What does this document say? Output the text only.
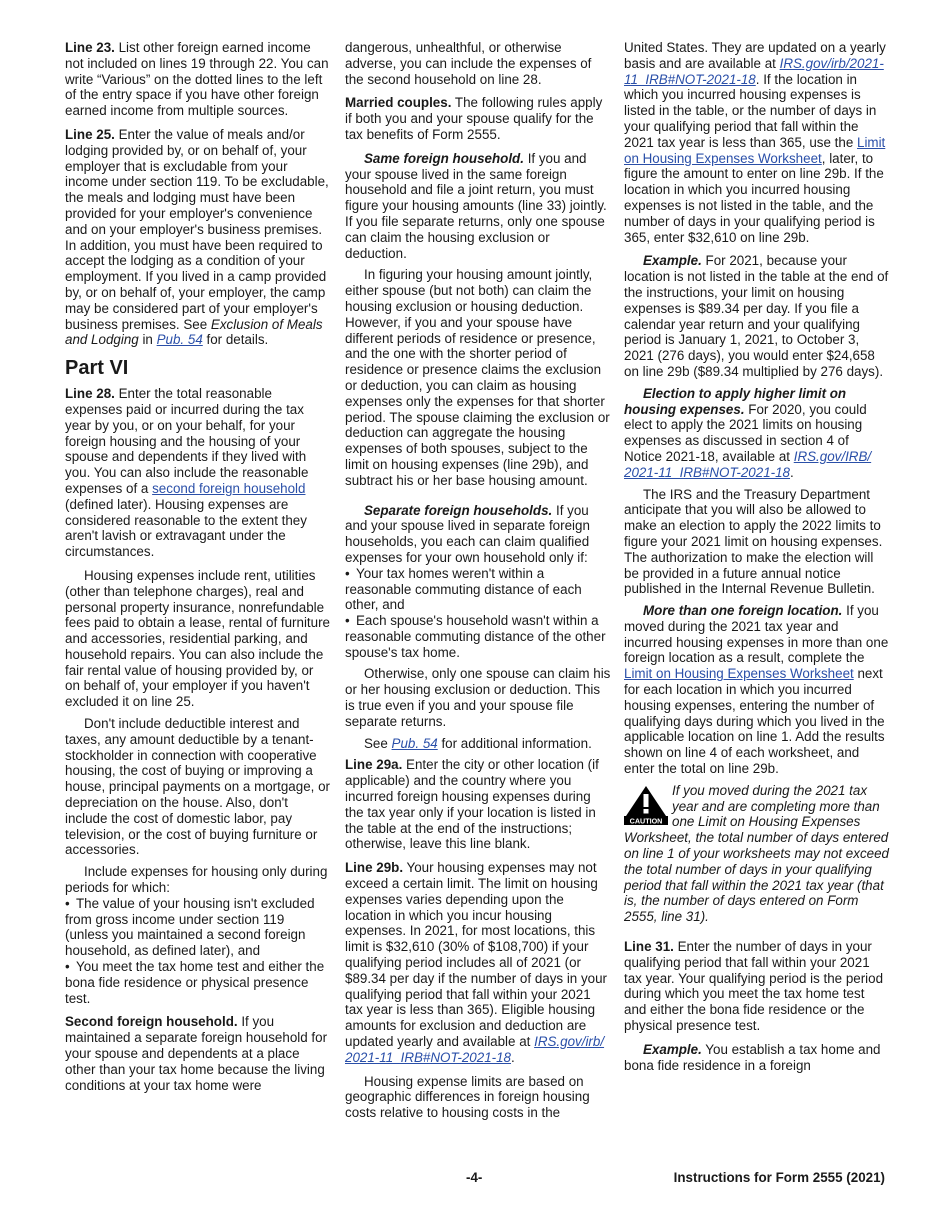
Line 23. List other foreign earned income not included on lines 19 through 22. You can write “Various” on the dotted lines to the left of the entry space if you have other foreign earned income from multiple sources.

Line 25. Enter the value of meals and/or lodging provided by, or on behalf of, your employer that is excludable from your income under section 119. To be excludable, the meals and lodging must have been provided for your employer's convenience and on your employer's business premises. In addition, you must have been required to accept the lodging as a condition of your employment. If you lived in a camp provided by, or on behalf of, your employer, the camp may be considered part of your employer's business premises. See Exclusion of Meals and Lodging in Pub. 54 for details.

Part VI

Line 28. Enter the total reasonable expenses paid or incurred during the tax year by you, or on your behalf, for your foreign housing and the housing of your spouse and dependents if they lived with you. You can also include the reasonable expenses of a second foreign household (defined later). Housing expenses are considered reasonable to the extent they aren't lavish or extravagant under the circumstances.

Housing expenses include rent, utilities (other than telephone charges), real and personal property insurance, nonrefundable fees paid to obtain a lease, rental of furniture and accessories, residential parking, and household repairs. You can also include the fair rental value of housing provided by, or on behalf of, your employer if you haven't excluded it on line 25.

Don't include deductible interest and taxes, any amount deductible by a tenant-stockholder in connection with cooperative housing, the cost of buying or improving a house, principal payments on a mortgage, or depreciation on the house. Also, don't include the cost of domestic labor, pay television, or the cost of buying furniture or accessories.

Include expenses for housing only during periods for which:

• The value of your housing isn't excluded from gross income under section 119 (unless you maintained a second foreign household, as defined later), and
• You meet the tax home test and either the bona fide residence or physical presence test.

Second foreign household. If you maintained a separate foreign household for your spouse and dependents at a place other than your tax home because the living conditions at your tax home were

dangerous, unhealthful, or otherwise adverse, you can include the expenses of the second household on line 28.

Married couples. The following rules apply if both you and your spouse qualify for the tax benefits of Form 2555.

Same foreign household. If you and your spouse lived in the same foreign household and file a joint return, you must figure your housing amounts (line 33) jointly. If you file separate returns, only one spouse can claim the housing exclusion or deduction.

In figuring your housing amount jointly, either spouse (but not both) can claim the housing exclusion or housing deduction. However, if you and your spouse have different periods of residence or presence, and the one with the shorter period of residence or presence claims the exclusion or deduction, you can claim as housing expenses only the expenses for that shorter period. The spouse claiming the exclusion or deduction can aggregate the housing expenses of both spouses, subject to the limit on housing expenses (line 29b), and subtract his or her base housing amount.

Separate foreign households. If you and your spouse lived in separate foreign households, you each can claim qualified expenses for your own household only if:

• Your tax homes weren't within a reasonable commuting distance of each other, and
• Each spouse's household wasn't within a reasonable commuting distance of the other spouse's tax home.

Otherwise, only one spouse can claim his or her housing exclusion or deduction. This is true even if you and your spouse file separate returns.

See Pub. 54 for additional information.

Line 29a. Enter the city or other location (if applicable) and the country where you incurred foreign housing expenses during the tax year only if your location is listed in the table at the end of the instructions; otherwise, leave this line blank.

Line 29b. Your housing expenses may not exceed a certain limit. The limit on housing expenses varies depending upon the location in which you incur housing expenses. In 2021, for most locations, this limit is $32,610 (30% of $108,700) if your qualifying period includes all of 2021 (or $89.34 per day if the number of days in your qualifying period that fall within your 2021 tax year is less than 365). Eligible housing amounts for exclusion and deduction are updated yearly and available at IRS.gov/irb/ 2021-11_IRB#NOT-2021-18.

Housing expense limits are based on geographic differences in foreign housing costs relative to housing costs in the

United States. They are updated on a yearly basis and are available at IRS.gov/irb/2021-11_IRB#NOT-2021-18. If the location in which you incurred housing expenses is listed in the table, or the number of days in your qualifying period that fall within the 2021 tax year is less than 365, use the Limit on Housing Expenses Worksheet, later, to figure the amount to enter on line 29b. If the location in which you incurred housing expenses is not listed in the table, and the number of days in your qualifying period is 365, enter $32,610 on line 29b.

Example. For 2021, because your location is not listed in the table at the end of the instructions, your limit on housing expenses is $89.34 per day. If you file a calendar year return and your qualifying period is January 1, 2021, to October 3, 2021 (276 days), you would enter $24,658 on line 29b ($89.34 multiplied by 276 days).

Election to apply higher limit on housing expenses. For 2020, you could elect to apply the 2021 limits on housing expenses as discussed in section 4 of Notice 2021-18, available at IRS.gov/IRB/ 2021-11_IRB#NOT-2021-18.

The IRS and the Treasury Department anticipate that you will also be allowed to make an election to apply the 2022 limits to figure your 2021 limit on housing expenses. The authorization to make the election will be provided in a future annual notice published in the Internal Revenue Bulletin.

More than one foreign location. If you moved during the 2021 tax year and incurred housing expenses in more than one foreign location as a result, complete the Limit on Housing Expenses Worksheet next for each location in which you incurred housing expenses, entering the number of qualifying days during which you lived in the applicable location on line 1. Add the results shown on line 4 of each worksheet, and enter the total on line 29b.

CAUTION
If you moved during the 2021 tax year and are completing more than one Limit on Housing Expenses Worksheet, the total number of days entered on line 1 of your worksheets may not exceed the total number of days in your qualifying period that fall within the 2021 tax year (that is, the number of days entered on Form 2555, line 31).

Line 31. Enter the number of days in your qualifying period that fall within your 2021 tax year. Your qualifying period is the period during which you meet the tax home test and either the bona fide residence or the physical presence test.

Example. You establish a tax home and bona fide residence in a foreign

-4-	Instructions for Form 2555 (2021)
